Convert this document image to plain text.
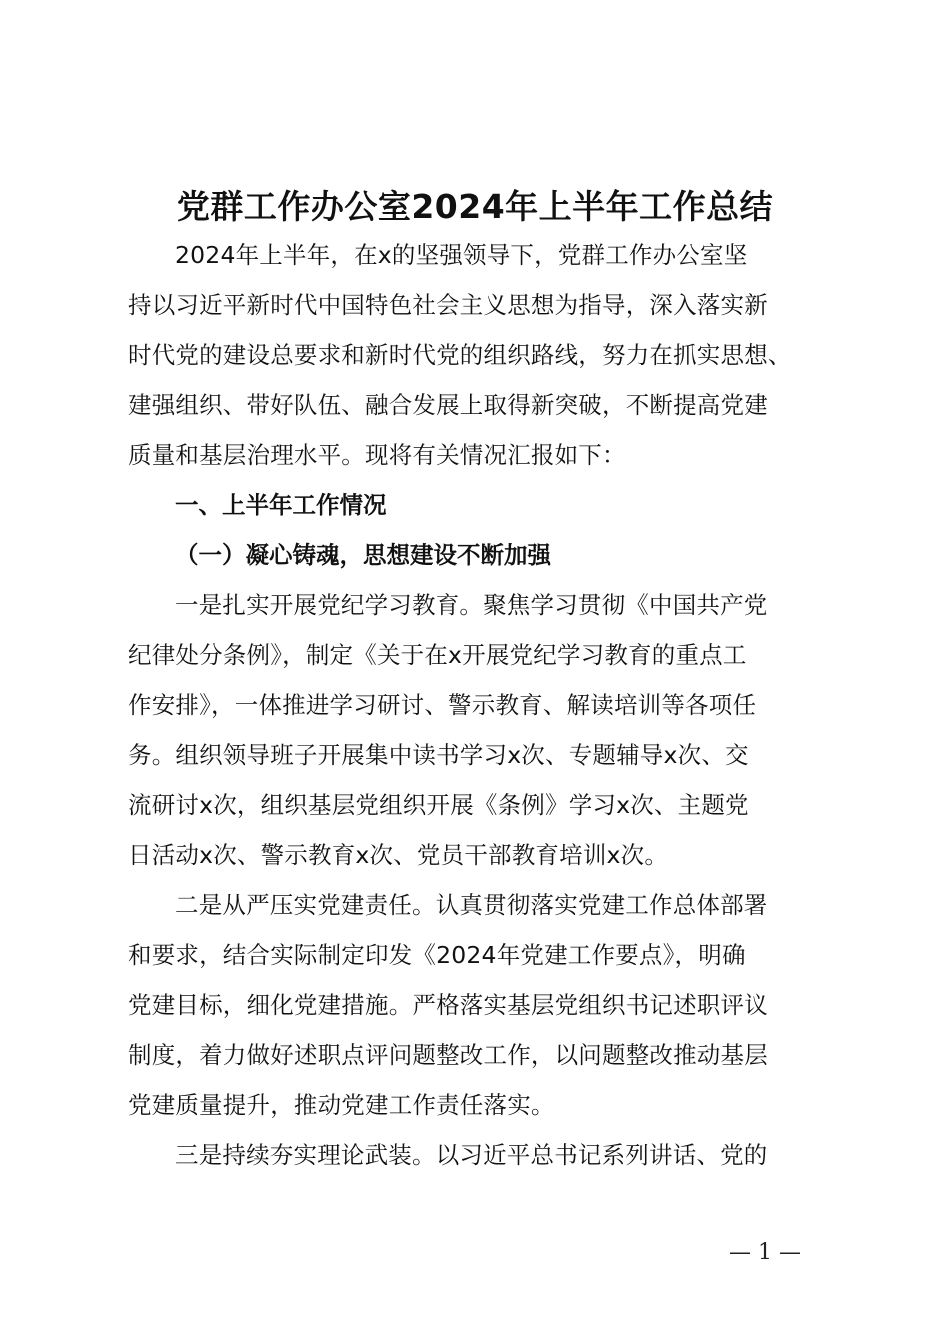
党群工作办公室2024年上半年工作总结

2024年上半年，在x的坚强领导下，党群工作办公室坚
持以习近平新时代中国特色社会主义思想为指导，深入落实新
时代党的建设总要求和新时代党的组织路线，努力在抓实思想、
建强组织、带好队伍、融合发展上取得新突破，不断提高党建
质量和基层治理水平。现将有关情况汇报如下：

一、上半年工作情况

（一）凝心铸魂，思想建设不断加强

一是扎实开展党纪学习教育。聚焦学习贯彻《中国共产党
纪律处分条例》，制定《关于在x开展党纪学习教育的重点工
作安排》，一体推进学习研讨、警示教育、解读培训等各项任
务。组织领导班子开展集中读书学习x次、专题辅导x次、交
流研讨x次，组织基层党组织开展《条例》学习x次、主题党
日活动x次、警示教育x次、党员干部教育培训x次。

二是从严压实党建责任。认真贯彻落实党建工作总体部署
和要求，结合实际制定印发《2024年党建工作要点》，明确
党建目标，细化党建措施。严格落实基层党组织书记述职评议
制度，着力做好述职点评问题整改工作，以问题整改推动基层
党建质量提升，推动党建工作责任落实。

三是持续夯实理论武装。以习近平总书记系列讲话、党的

— 1 —
